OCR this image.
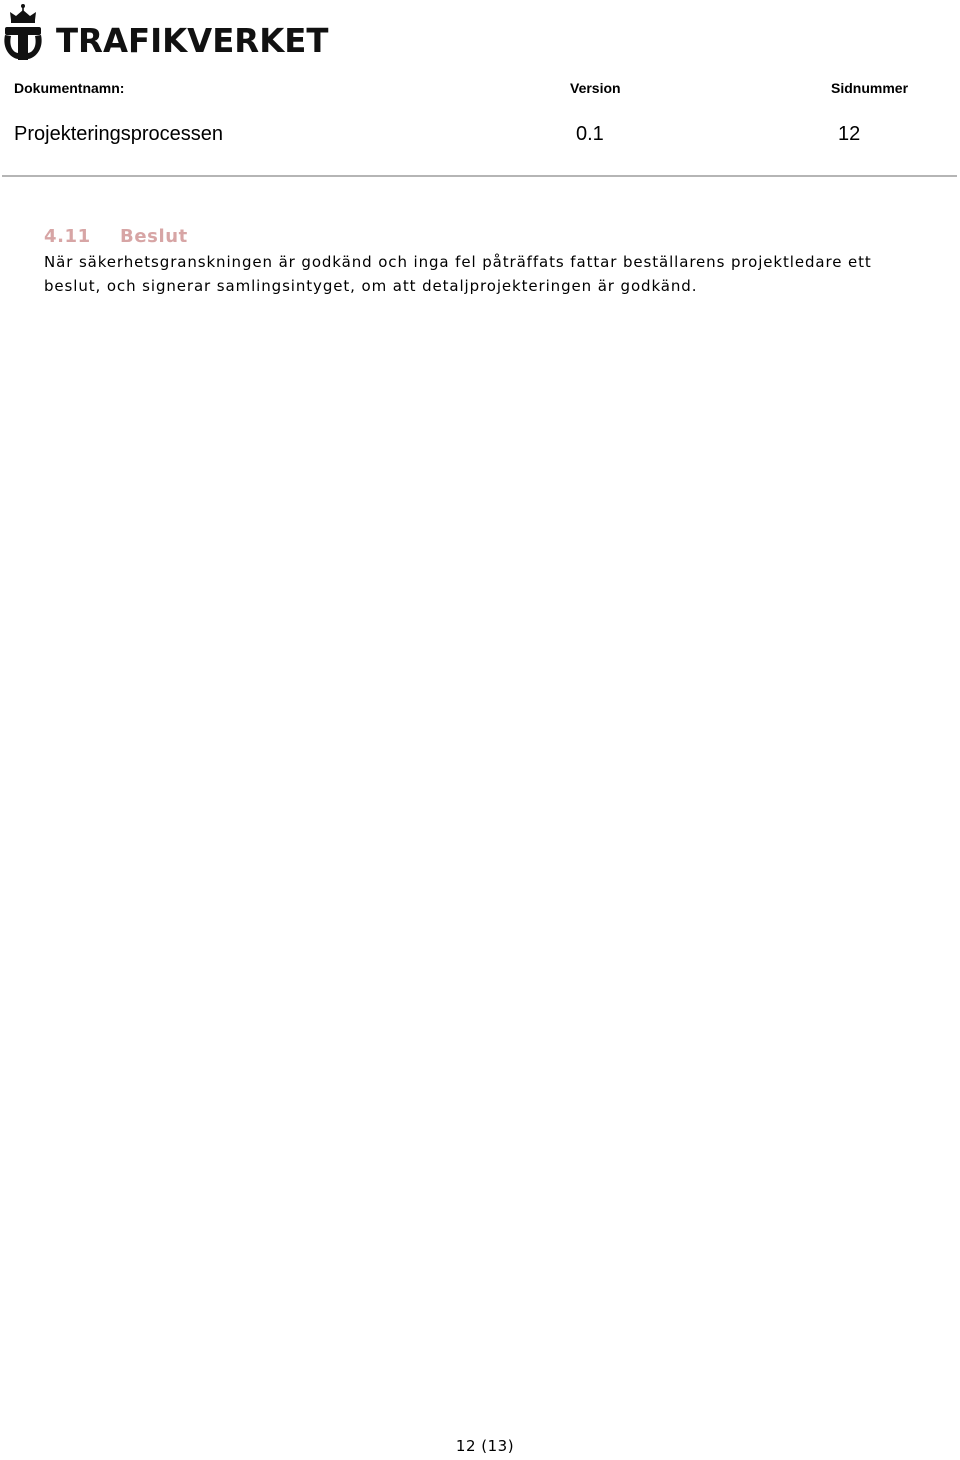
TRAFIKVERKET
Dokumentnamn:	Version	Sidnummer
Projekteringsprocessen	0.1	12
4.11 Beslut

När säkerhetsgranskningen är godkänd och inga fel påträffats fattar beställarens projektledare ett beslut, och signerar samlingsintyget, om att detaljprojekteringen är godkänd.

12 (13)
